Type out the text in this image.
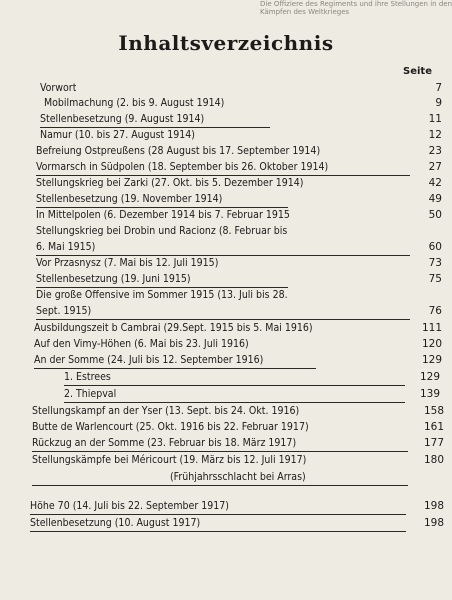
Die Offiziere des Regiments und ihre Stellungen in den Kämpfen des Weltkrieges
Inhaltsverzeichnis
Seite
Vorwort	7
Mobilmachung (2. bis 9. August 1914)	9
Stellenbesetzung (9. August 1914)	11
Namur (10. bis 27. August 1914)	12
Befreiung Ostpreußens (28 August bis 17. September 1914)	23
Vormarsch in Südpolen (18. September bis 26. Oktober 1914)	27
Stellungskrieg bei Zarki (27. Okt. bis 5. Dezember 1914)	42
Stellenbesetzung (19. November 1914)	49
In Mittelpolen (6. Dezember 1914 bis 7. Februar 1915	50
Stellungskrieg bei Drobin und Racionz (8. Februar bis
6. Mai 1915)	60
Vor Przasnysz (7. Mai bis 12. Juli 1915)	73
Stellenbesetzung (19. Juni 1915)	75
Die große Offensive im Sommer 1915 (13. Juli bis 28.
Sept. 1915)	76
Ausbildungszeit b Cambrai (29.Sept. 1915 bis 5. Mai 1916)	111
Auf den Vimy-Höhen (6. Mai bis 23. Juli 1916)	120
An der Somme (24. Juli bis 12. September 1916)	129
1. Estrees	129
2. Thiepval	139
Stellungskampf an der Yser (13. Sept. bis 24. Okt. 1916)	158
Butte de Warlencourt (25. Okt. 1916 bis 22. Februar 1917)	161
Rückzug an der Somme (23. Februar bis 18. März 1917)	177
Stellungskämpfe bei Méricourt (19. März bis 12. Juli 1917)	180
(Frühjahrsschlacht bei Arras)
Höhe 70 (14. Juli bis 22. September 1917)	198
Stellenbesetzung (10. August 1917)	198
